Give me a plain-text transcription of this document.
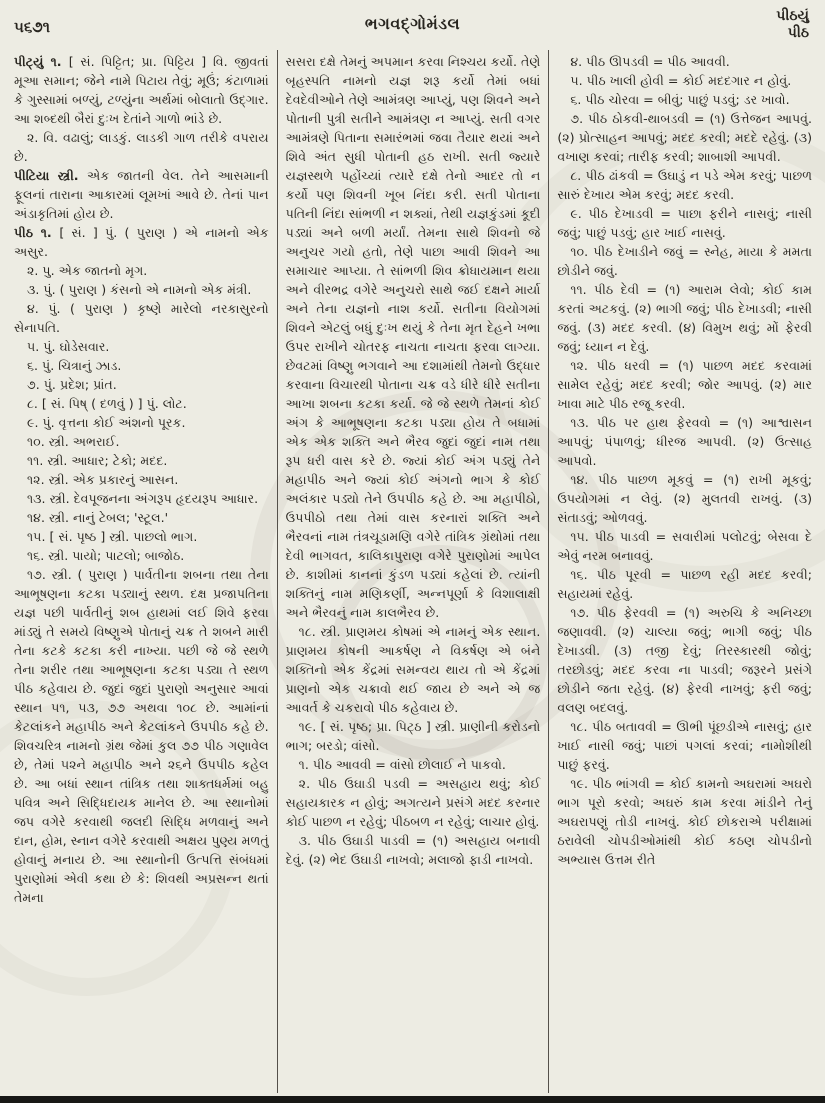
૫૬૭૧	ભગવદ્ગોમંડલ	પીઠયું
પીઠ

પીટ્યું ૧. [ સં. પિટ્ટિત; પ્રા. પિટ્ટિય ] વિ. જીવતાં મૂઆ સમાન; જેને નામે પિટાય તેવું; મૂઉં; કંટાળામાં કે ગુસ્સામાં બળ્યું, ટળ્યુંના અર્થમાં બોલાતો ઉદ્ગાર. આ શબ્દથી બૈરાં દુઃખ દેતાંને ગાળો ભાંડે છે.

૨. વિ. વઢાલું; લાડકું. લાડકી ગાળ તરીકે વપરાય છે.

પીટિયા સ્ત્રી. એક જાતની વેલ. તેને આસમાની ફૂલનાં તારાના આકારમાં લૂમખાં આવે છે. તેનાં પાન અંડાકૃતિમાં હોય છે.

પીઠ ૧. [ સં. ] પું. ( પુરાણ ) એ નામનો એક અસુર.

૨. પુ. એક જાતનો મૃગ.

૩. પું. ( પુરાણ ) કંસનો એ નામનો એક મંત્રી.

૪. પું. ( પુરાણ ) કૃષ્ણે મારેલો નરકાસુરનો સેનાપતિ.

૫. પું. ઘોડેસવાર.

૬. પું. ચિત્રાનું ઝાડ.

૭. પું. પ્રદેશ; પ્રાંત.

૮. [ સં. પિષ્ ( દળવું ) ] પું. લોટ.

૯. પું. વૃત્તના કોઈ અંશનો પૂરક.

૧૦. સ્ત્રી. અભરાઈ.

૧૧. સ્ત્રી. આધાર; ટેકો; મદદ.

૧૨. સ્ત્રી. એક પ્રકારનું આસન.

૧૩. સ્ત્રી. દેવપૂજનના અંગરૂપ હૃદયરૂપ આધાર.

૧૪. સ્ત્રી. નાનું ટેબલ; 'સ્ટૂલ.'

૧૫. [ સં. પૃષ્ઠ ] સ્ત્રી. પાછલો ભાગ.

૧૬. સ્ત્રી. પાયો; પાટલો; બાજોઠ.

૧૭. સ્ત્રી. ( પુરાણ ) પાર્વતીના શબના તથા તેના આભૂષણના કટકા પડ્યાનું સ્થળ. દક્ષ પ્રજાપતિના યજ્ઞ પછી પાર્વતીનું શબ હાથમાં લઈ શિવે ફરવા માંડ્યું તે સમયે વિષ્ણુએ પોતાનું ચક્ર તે શબને મારી તેના કટકે કટકા કરી નાખ્યા. પછી જે જે સ્થળે તેના શરીર તથા આભૂષણના કટકા પડ્યા તે સ્થળ પીઠ કહેવાય છે. જુદાં જુદાં પુરાણો અનુસાર આવાં સ્થાન ૫૧, ૫૩, ૭૭ અથવા ૧૦૮ છે. આમાંનાં કેટલાંકને મહાપીઠ અને કેટલાંકને ઉપપીઠ કહે છે. શિવચરિત્ર નામનો ગ્રંથ જેમાં કુલ ૭૭ પીઠ ગણાવેલ છે, તેમાં ૫૨ને મહાપીઠ અને ૨૬ને ઉપપીઠ કહેલ છે. આ બધાં સ્થાન તાંત્રિક તથા શાક્તધર્મમાં બહુ પવિત્ર અને સિદ્ધિદાયક માનેલ છે. આ સ્થાનોમાં જપ વગેરે કરવાથી જલદી સિદ્ધિ મળવાનું અને દાન, હોમ, સ્નાન વગેરે કરવાથી અક્ષય પુણ્ય મળતું હોવાનું મનાય છે. આ સ્થાનોની ઉત્પત્તિ સંબંધમાં પુરાણોમાં એવી કથા છે કે: શિવથી અપ્રસન્ન થતાં તેમના

સસરા દક્ષે તેમનું અપમાન કરવા નિશ્ચય કર્યો. તેણે બૃહસ્પતિ નામનો યજ્ઞ શરૂ કર્યો તેમાં બધાં દેવદેવીઓને તેણે આમંત્રણ આપ્યું, પણ શિવને અને પોતાની પુત્રી સતીને આમંત્રણ ન આપ્યું. સતી વગર આમંત્રણે પિતાના સમારંભમાં જવા તૈયાર થયાં અને શિવે અંત સુધી પોતાની હઠ રાખી. સતી જ્યારે યજ્ઞસ્થળે પહોંચ્યાં ત્યારે દક્ષે તેનો આદર તો ન કર્યો પણ શિવની ખૂબ નિંદા કરી. સતી પોતાના પતિની નિંદા સાંભળી ન શક્યાં, તેથી યજ્ઞકુંડમાં કૂદી પડ્યાં અને બળી મર્યાં. તેમના સાથે શિવનો જે અનુચર ગયો હતો, તેણે પાછા આવી શિવને આ સમાચાર આપ્યા. તે સાંભળી શિવ ક્રોધાયમાન થયા અને વીરભદ્ર વગેરે અનુચરો સાથે જઈ દક્ષને માર્યા અને તેના યજ્ઞનો નાશ કર્યો. સતીના વિયોગમાં શિવને એટલું બધું દુઃખ થયું કે તેના મૃત દેહને ખભા ઉપર રાખીને ચોતરફ નાચતા નાચતા ફરવા લાગ્યા. છેવટમાં વિષ્ણુ ભગવાને આ દશામાંથી તેમનો ઉદ્ધાર કરવાના વિચારથી પોતાના ચક્ર વડે ધીરે ધીરે સતીના આખા શબના કટકા કર્યા. જે જે સ્થળે તેમનાં કોઈ અંગ કે આભૂષણના કટકા પડ્યા હોય તે બધામાં એક એક શક્તિ અને ભૈરવ જુદાં જુદાં નામ તથા રૂપ ધરી વાસ કરે છે. જ્યાં કોઈ અંગ પડ્યું તેને મહાપીઠ અને જ્યાં કોઈ અંગનો ભાગ કે કોઈ અલંકાર પડ્યો તેને ઉપપીઠ કહે છે. આ મહાપીઠો, ઉપપીઠો તથા તેમાં વાસ કરનારાં શક્તિ અને ભૈરવનાં નામ તંત્રચૂડામણિ વગેરે તાંત્રિક ગ્રંથોમાં તથા દેવી ભાગવત, કાલિકાપુરાણ વગેરે પુરાણોમાં આપેલ છે. કાશીમાં કાનનાં કુંડળ પડ્યાં કહેલાં છે. ત્યાંની શક્તિનું નામ મણિકર્ણી, અન્નપૂર્ણા કે વિશાલાક્ષી અને ભૈરવનું નામ કાલભૈરવ છે.

૧૮. સ્ત્રી. પ્રાણમય કોષમાં એ નામનું એક સ્થાન. પ્રાણમય કોષની આકર્ષણ ને વિકર્ષણ એ બંને શક્તિનો એક કેંદ્રમાં સમન્વય થાય તો એ કેંદ્રમાં પ્રાણનો એક ચક્રાવો થઈ જાય છે અને એ જ આવર્ત કે ચકરાવો પીઠ કહેવાય છે.

૧૯. [ સં. પૃષ્ઠ; પ્રા. પિટ્ઠ ] સ્ત્રી. પ્રાણીની કરોડનો ભાગ; બરડો; વાંસો.

૧. પીઠ આવવી = વાંસો છોલાઈ ને પાકવો.

૨. પીઠ ઉઘાડી પડવી = અસહાય થવું; કોઈ સહાયકારક ન હોવું; અગત્યને પ્રસંગે મદદ કરનાર કોઈ પાછળ ન રહેવું; પીઠબળ ન રહેવું; લાચાર હોવું.

૩. પીઠ ઉઘાડી પાડવી = (૧) અસહાય બનાવી દેવું. (૨) ભેદ ઉઘાડી નાખવો; મલાજો ફાડી નાખવો.

૪. પીઠ ઊપડવી = પીઠ આવવી.

૫. પીઠ ખાલી હોવી = કોઈ મદદગાર ન હોવું.

૬. પીઠ ચોરવા = બીવું; પાછું પડવું; ડર ખાવો.

૭. પીઠ ઠોકવી-થાબડવી = (૧) ઉત્તેજન આપવું. (૨) પ્રોત્સાહન આપવું; મદદ કરવી; મદદે રહેવું. (૩) વખાણ કરવાં; તારીફ કરવી; શાબાશી આપવી.

૮. પીઠ ઢાંકવી = ઉઘાડું ન પડે એમ કરવું; પાછળ સારું દેખાય એમ કરવું; મદદ કરવી.

૯. પીઠ દેખાડવી = પાછા ફરીને નાસવું; નાસી જવું; પાછું પડવું; હાર ખાઈ નાસવું.

૧૦. પીઠ દેખાડીને જવું = સ્નેહ, માયા કે મમતા છોડીને જવું.

૧૧. પીઠ દેવી = (૧) આરામ લેવો; કોઈ કામ કરતાં અટકવું. (૨) ભાગી જવું; પીઠ દેખાડવી; નાસી જવું. (૩) મદદ કરવી. (૪) વિમુખ થવું; મોં ફેરવી જવું; ધ્યાન ન દેવું.

૧૨. પીઠ ધરવી = (૧) પાછળ મદદ કરવામાં સામેલ રહેવું; મદદ કરવી; જોર આપવું. (૨) માર ખાવા માટે પીઠ રજૂ કરવી.

૧૩. પીઠ પર હાથ ફેરવવો = (૧) આશ્વાસન આપવું; પંપાળવું; ધીરજ આપવી. (૨) ઉત્સાહ આપવો.

૧૪. પીઠ પાછળ મૂકવું = (૧) રાખી મૂકવું; ઉપયોગમાં ન લેવું. (૨) મુલતવી રાખવું. (૩) સંતાડવું; ઓળવવું.

૧૫. પીઠ પાડવી = સવારીમાં પલોટવું; બેસવા દે એવું નરમ બનાવવું.

૧૬. પીઠ પૂરવી = પાછળ રહી મદદ કરવી; સહાયમાં રહેવું.

૧૭. પીઠ ફેરવવી = (૧) અરુચિ કે અનિચ્છા જણાવવી. (૨) ચાલ્યા જવું; ભાગી જવું; પીઠ દેખાડવી. (૩) તજી દેવું; તિરસ્કારથી જોવું; તરછોડવું; મદદ કરવા ના પાડવી; જરૂરને પ્રસંગે છોડીને જતા રહેવું. (૪) ફેરવી નાખવું; ફરી જવું; વલણ બદલવું.

૧૮. પીઠ બતાવવી = ઊભી પૂંછડીએ નાસવું; હાર ખાઈ નાસી જવું; પાછાં પગલાં કરવાં; નામોશીથી પાછું ફરવું.

૧૯. પીઠ ભાંગવી = કોઈ કામનો અઘરામાં અઘરો ભાગ પૂરો કરવો; અઘરું કામ કરવા માંડીને તેનું અઘરાપણું તોડી નાખવું. કોઈ છોકરાએ પરીક્ષામાં ઠરાવેલી ચોપડીઓમાંથી કોઈ કઠણ ચોપડીનો અભ્યાસ ઉત્તમ રીતે
